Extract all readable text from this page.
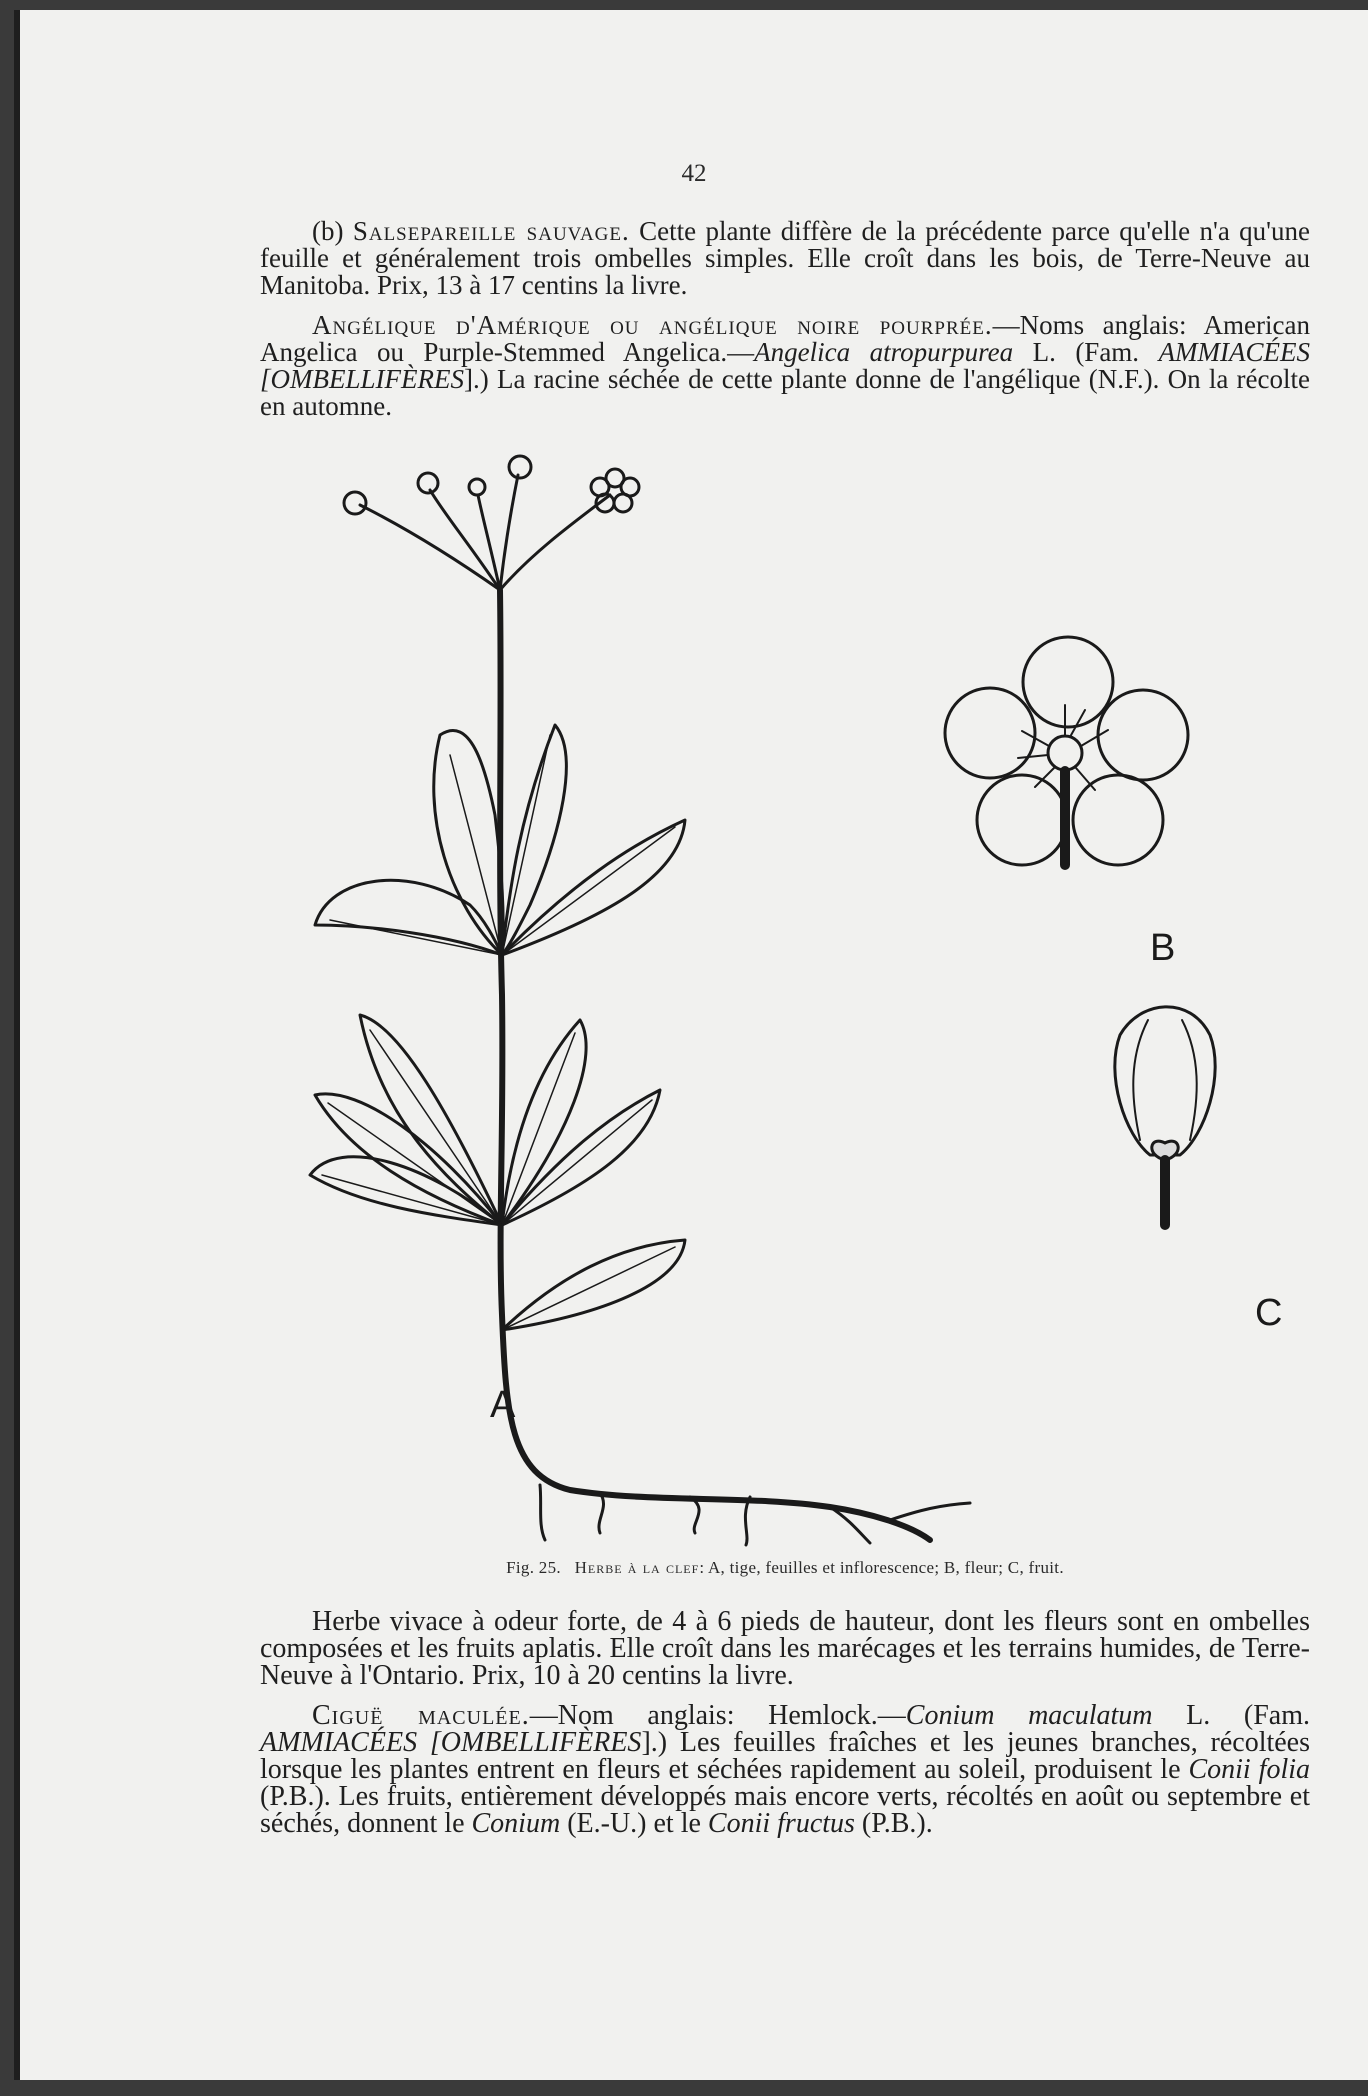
42

(b) Salsepareille sauvage. Cette plante diffère de la précédente parce qu'elle n'a qu'une feuille et généralement trois ombelles simples. Elle croît dans les bois, de Terre-Neuve au Manitoba. Prix, 13 à 17 centins la livre.

Angélique d'Amérique ou angélique noire pourprée.—Noms anglais: American Angelica ou Purple-Stemmed Angelica.—Angelica atropurpurea L. (Fam. AMMIACÉES [OMBELLIFÈRES].) La racine séchée de cette plante donne de l'angélique (N.F.). On la récolte en automne.

A
B
C
Fig. 25. Herbe à la clef: A, tige, feuilles et inflorescence; B, fleur; C, fruit.

Herbe vivace à odeur forte, de 4 à 6 pieds de hauteur, dont les fleurs sont en ombelles composées et les fruits aplatis. Elle croît dans les marécages et les terrains humides, de Terre-Neuve à l'Ontario. Prix, 10 à 20 centins la livre.

Ciguë maculée.—Nom anglais: Hemlock.—Conium maculatum L. (Fam. AMMIACÉES [OMBELLIFÈRES].) Les feuilles fraîches et les jeunes branches, récoltées lorsque les plantes entrent en fleurs et séchées rapidement au soleil, produisent le Conii folia (P.B.). Les fruits, entièrement développés mais encore verts, récoltés en août ou septembre et séchés, donnent le Conium (E.-U.) et le Conii fructus (P.B.).
